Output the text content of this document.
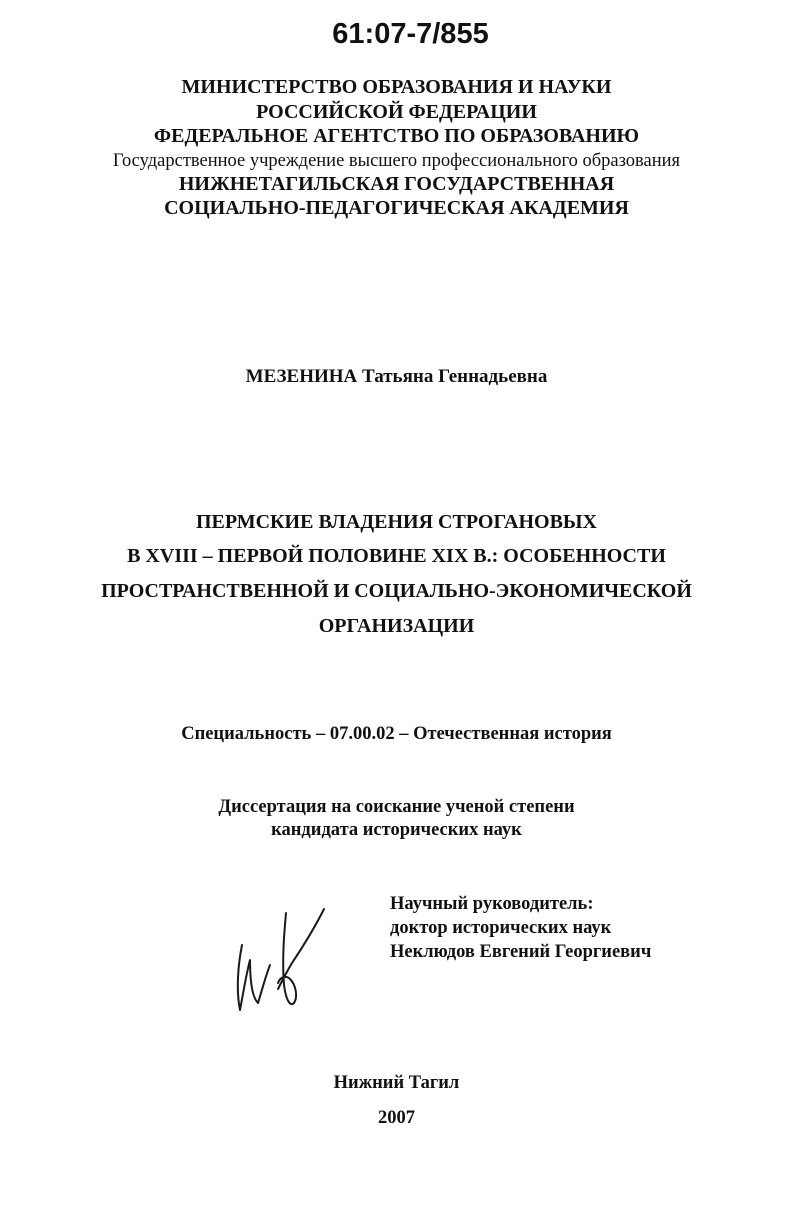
61:07-7/855
МИНИСТЕРСТВО ОБРАЗОВАНИЯ И НАУКИ
РОССИЙСКОЙ ФЕДЕРАЦИИ
ФЕДЕРАЛЬНОЕ АГЕНТСТВО ПО ОБРАЗОВАНИЮ
Государственное учреждение высшего профессионального образования
НИЖНЕТАГИЛЬСКАЯ ГОСУДАРСТВЕННАЯ
СОЦИАЛЬНО-ПЕДАГОГИЧЕСКАЯ АКАДЕМИЯ
МЕЗЕНИНА Татьяна Геннадьевна
ПЕРМСКИЕ ВЛАДЕНИЯ СТРОГАНОВЫХ
В XVIII – ПЕРВОЙ ПОЛОВИНЕ XIX В.: ОСОБЕННОСТИ
ПРОСТРАНСТВЕННОЙ И СОЦИАЛЬНО-ЭКОНОМИЧЕСКОЙ
ОРГАНИЗАЦИИ
Специальность – 07.00.02 – Отечественная история
Диссертация на соискание ученой степени
кандидата исторических наук
Научный руководитель:
доктор исторических наук
Неклюдов Евгений Георгиевич
Нижний Тагил
2007
